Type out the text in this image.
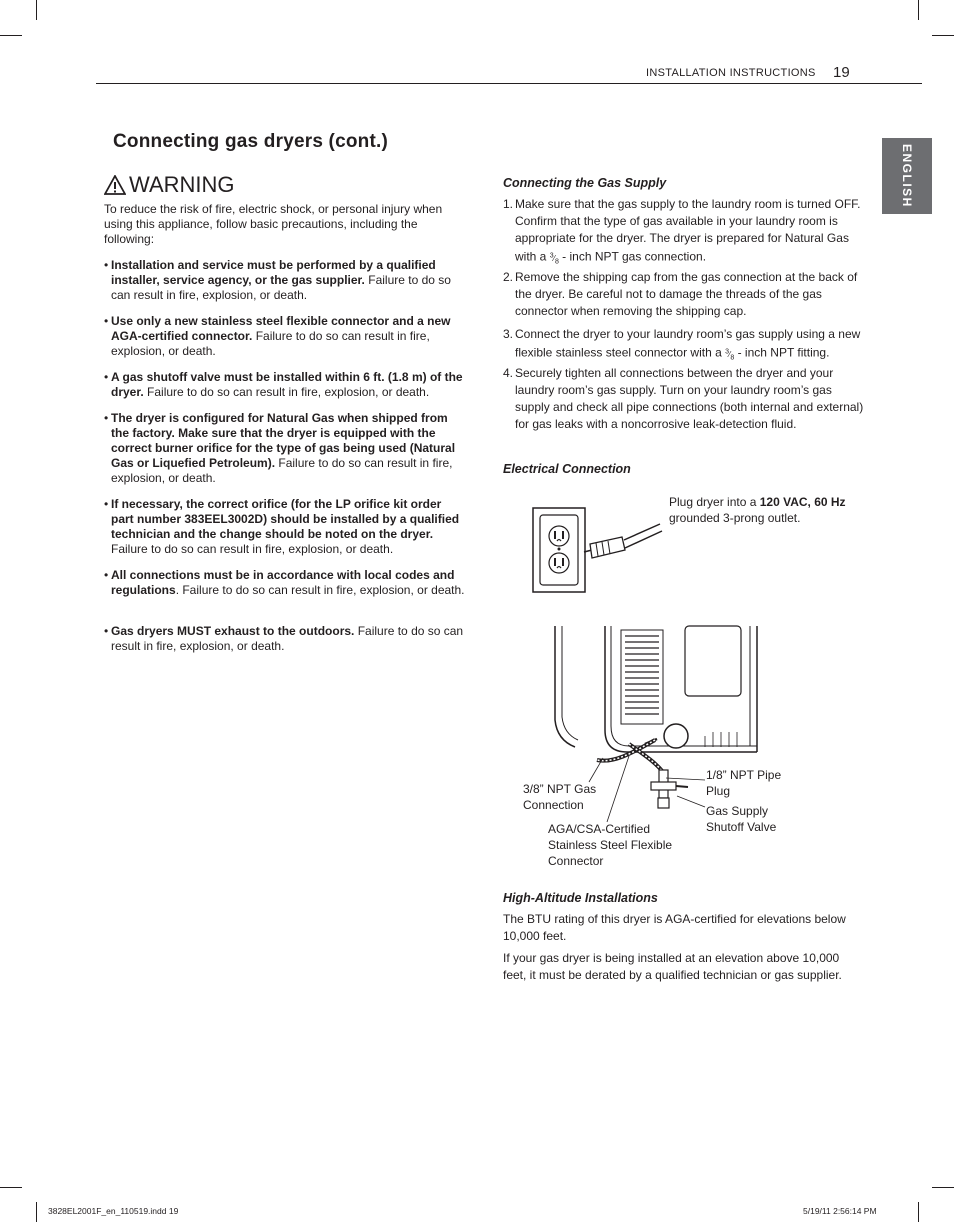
INSTALLATION INSTRUCTIONS 19
ENGLISH
Connecting gas dryers (cont.)
WARNING
To reduce the risk of fire, electric shock, or personal injury when using this appliance, follow basic precautions, including the following:
• Installation and service must be performed by a qualified installer, service agency, or the gas supplier. Failure to do so can result in fire, explosion, or death.
• Use only a new stainless steel flexible connector and a new AGA-certified connector. Failure to do so can result in fire, explosion, or death.
• A gas shutoff valve must be installed within 6 ft. (1.8 m) of the dryer. Failure to do so can result in fire, explosion, or death.
• The dryer is configured for Natural Gas when shipped from the factory. Make sure that the dryer is equipped with the correct burner orifice for the type of gas being used (Natural Gas or Liquefied Petroleum). Failure to do so can result in fire, explosion, or death.
• If necessary, the correct orifice (for the LP orifice kit order part number 383EEL3002D) should be installed by a qualified technician and the change should be noted on the dryer. Failure to do so can result in fire, explosion, or death.
• All connections must be in accordance with local codes and regulations. Failure to do so can result in fire, explosion, or death.
• Gas dryers MUST exhaust to the outdoors. Failure to do so can result in fire, explosion, or death.
Connecting the Gas Supply
1. Make sure that the gas supply to the laundry room is turned OFF. Confirm that the type of gas available in your laundry room is appropriate for the dryer. The dryer is prepared for Natural Gas with a $^3⁄_8$ - inch NPT gas connection.
2. Remove the shipping cap from the gas connection at the back of the dryer. Be careful not to damage the threads of the gas connector when removing the shipping cap.
3. Connect the dryer to your laundry room’s gas supply using a new flexible stainless steel connector with a $^3⁄_8$ - inch NPT fitting.
4. Securely tighten all connections between the dryer and your laundry room’s gas supply. Turn on your laundry room’s gas supply and check all pipe connections (both internal and external) for gas leaks with a noncorrosive leak-detection fluid.
Electrical Connection
Plug dryer into a 120 VAC, 60 Hz grounded 3-prong outlet.
3/8” NPT Gas Connection
AGA/CSA-Certified Stainless Steel Flexible Connector
1/8” NPT Pipe Plug
Gas Supply Shutoff Valve
High-Altitude Installations
The BTU rating of this dryer is AGA-certified for elevations below 10,000 feet.
If your gas dryer is being installed at an elevation above 10,000 feet, it must be derated by a qualified technician or gas supplier.
3828EL2001F_en_110519.indd 19	5/19/11 2:56:14 PM
